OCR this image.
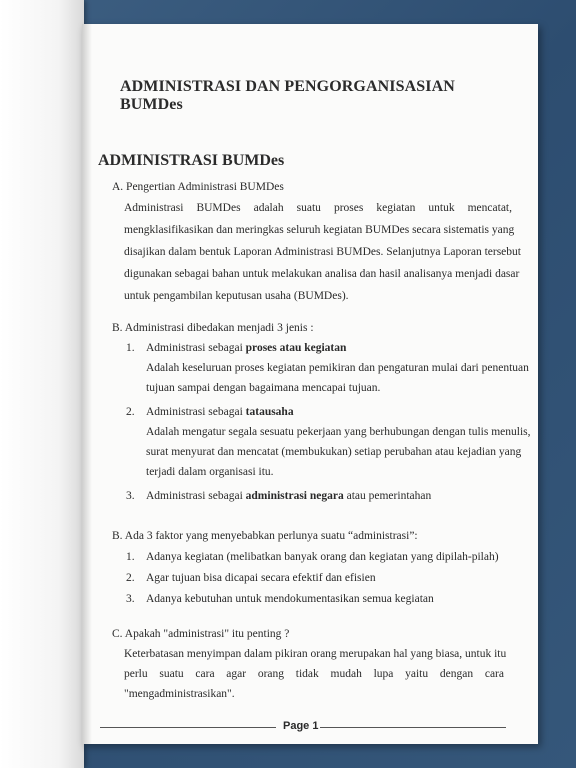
ADMINISTRASI DAN PENGORGANISASIAN BUMDes
ADMINISTRASI BUMDes
A. Pengertian Administrasi BUMDes
Administrasi BUMDes adalah suatu proses kegiatan untuk mencatat,
mengklasifikasikan dan meringkas seluruh kegiatan BUMDes secara sistematis yang
disajikan dalam bentuk Laporan Administrasi BUMDes. Selanjutnya Laporan tersebut
digunakan sebagai bahan untuk melakukan analisa dan hasil analisanya menjadi dasar
untuk pengambilan keputusan usaha (BUMDes).
B. Administrasi dibedakan menjadi 3 jenis :
1. Administrasi sebagai proses atau kegiatan
Adalah keseluruan proses kegiatan pemikiran dan pengaturan mulai dari penentuan
tujuan sampai dengan bagaimana mencapai tujuan.
2. Administrasi sebagai tatausaha
Adalah mengatur segala sesuatu pekerjaan yang berhubungan dengan tulis menulis,
surat menyurat dan mencatat (membukukan) setiap perubahan atau kejadian yang
terjadi dalam organisasi itu.
3. Administrasi sebagai administrasi negara atau pemerintahan
B. Ada 3 faktor yang menyebabkan perlunya suatu “administrasi”:
1. Adanya kegiatan (melibatkan banyak orang dan kegiatan yang dipilah-pilah)
2. Agar tujuan bisa dicapai secara efektif dan efisien
3. Adanya kebutuhan untuk mendokumentasikan semua kegiatan
C. Apakah "administrasi" itu penting ?
Keterbatasan menyimpan dalam pikiran orang merupakan hal yang biasa, untuk itu
perlu suatu cara agar orang tidak mudah lupa yaitu dengan cara
"mengadministrasikan".
Page 1
